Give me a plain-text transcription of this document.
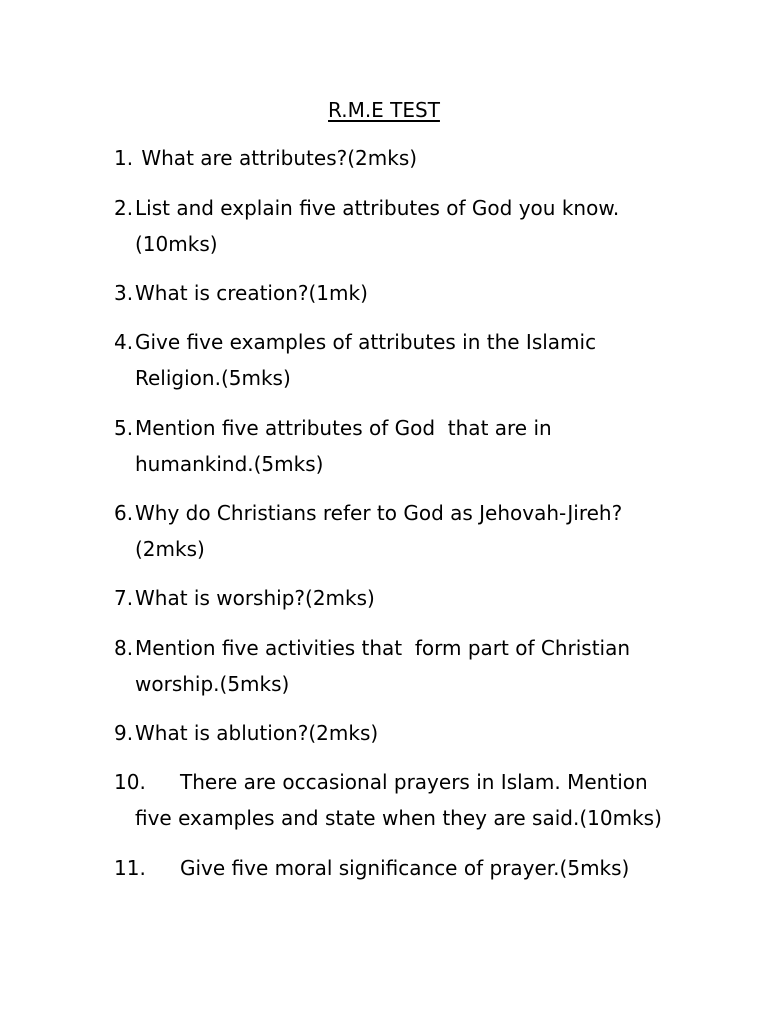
R.M.E TEST
1. What are attributes?(2mks)
2. List and explain five attributes of God you know.
(10mks)
3. What is creation?(1mk)
4. Give five examples of attributes in the Islamic
Religion.(5mks)
5. Mention five attributes of God  that are in
humankind.(5mks)
6. Why do Christians refer to God as Jehovah-Jireh?
(2mks)
7. What is worship?(2mks)
8. Mention five activities that  form part of Christian
worship.(5mks)
9. What is ablution?(2mks)
10.	There are occasional prayers in Islam. Mention
five examples and state when they are said.(10mks)
11.	Give five moral significance of prayer.(5mks)
